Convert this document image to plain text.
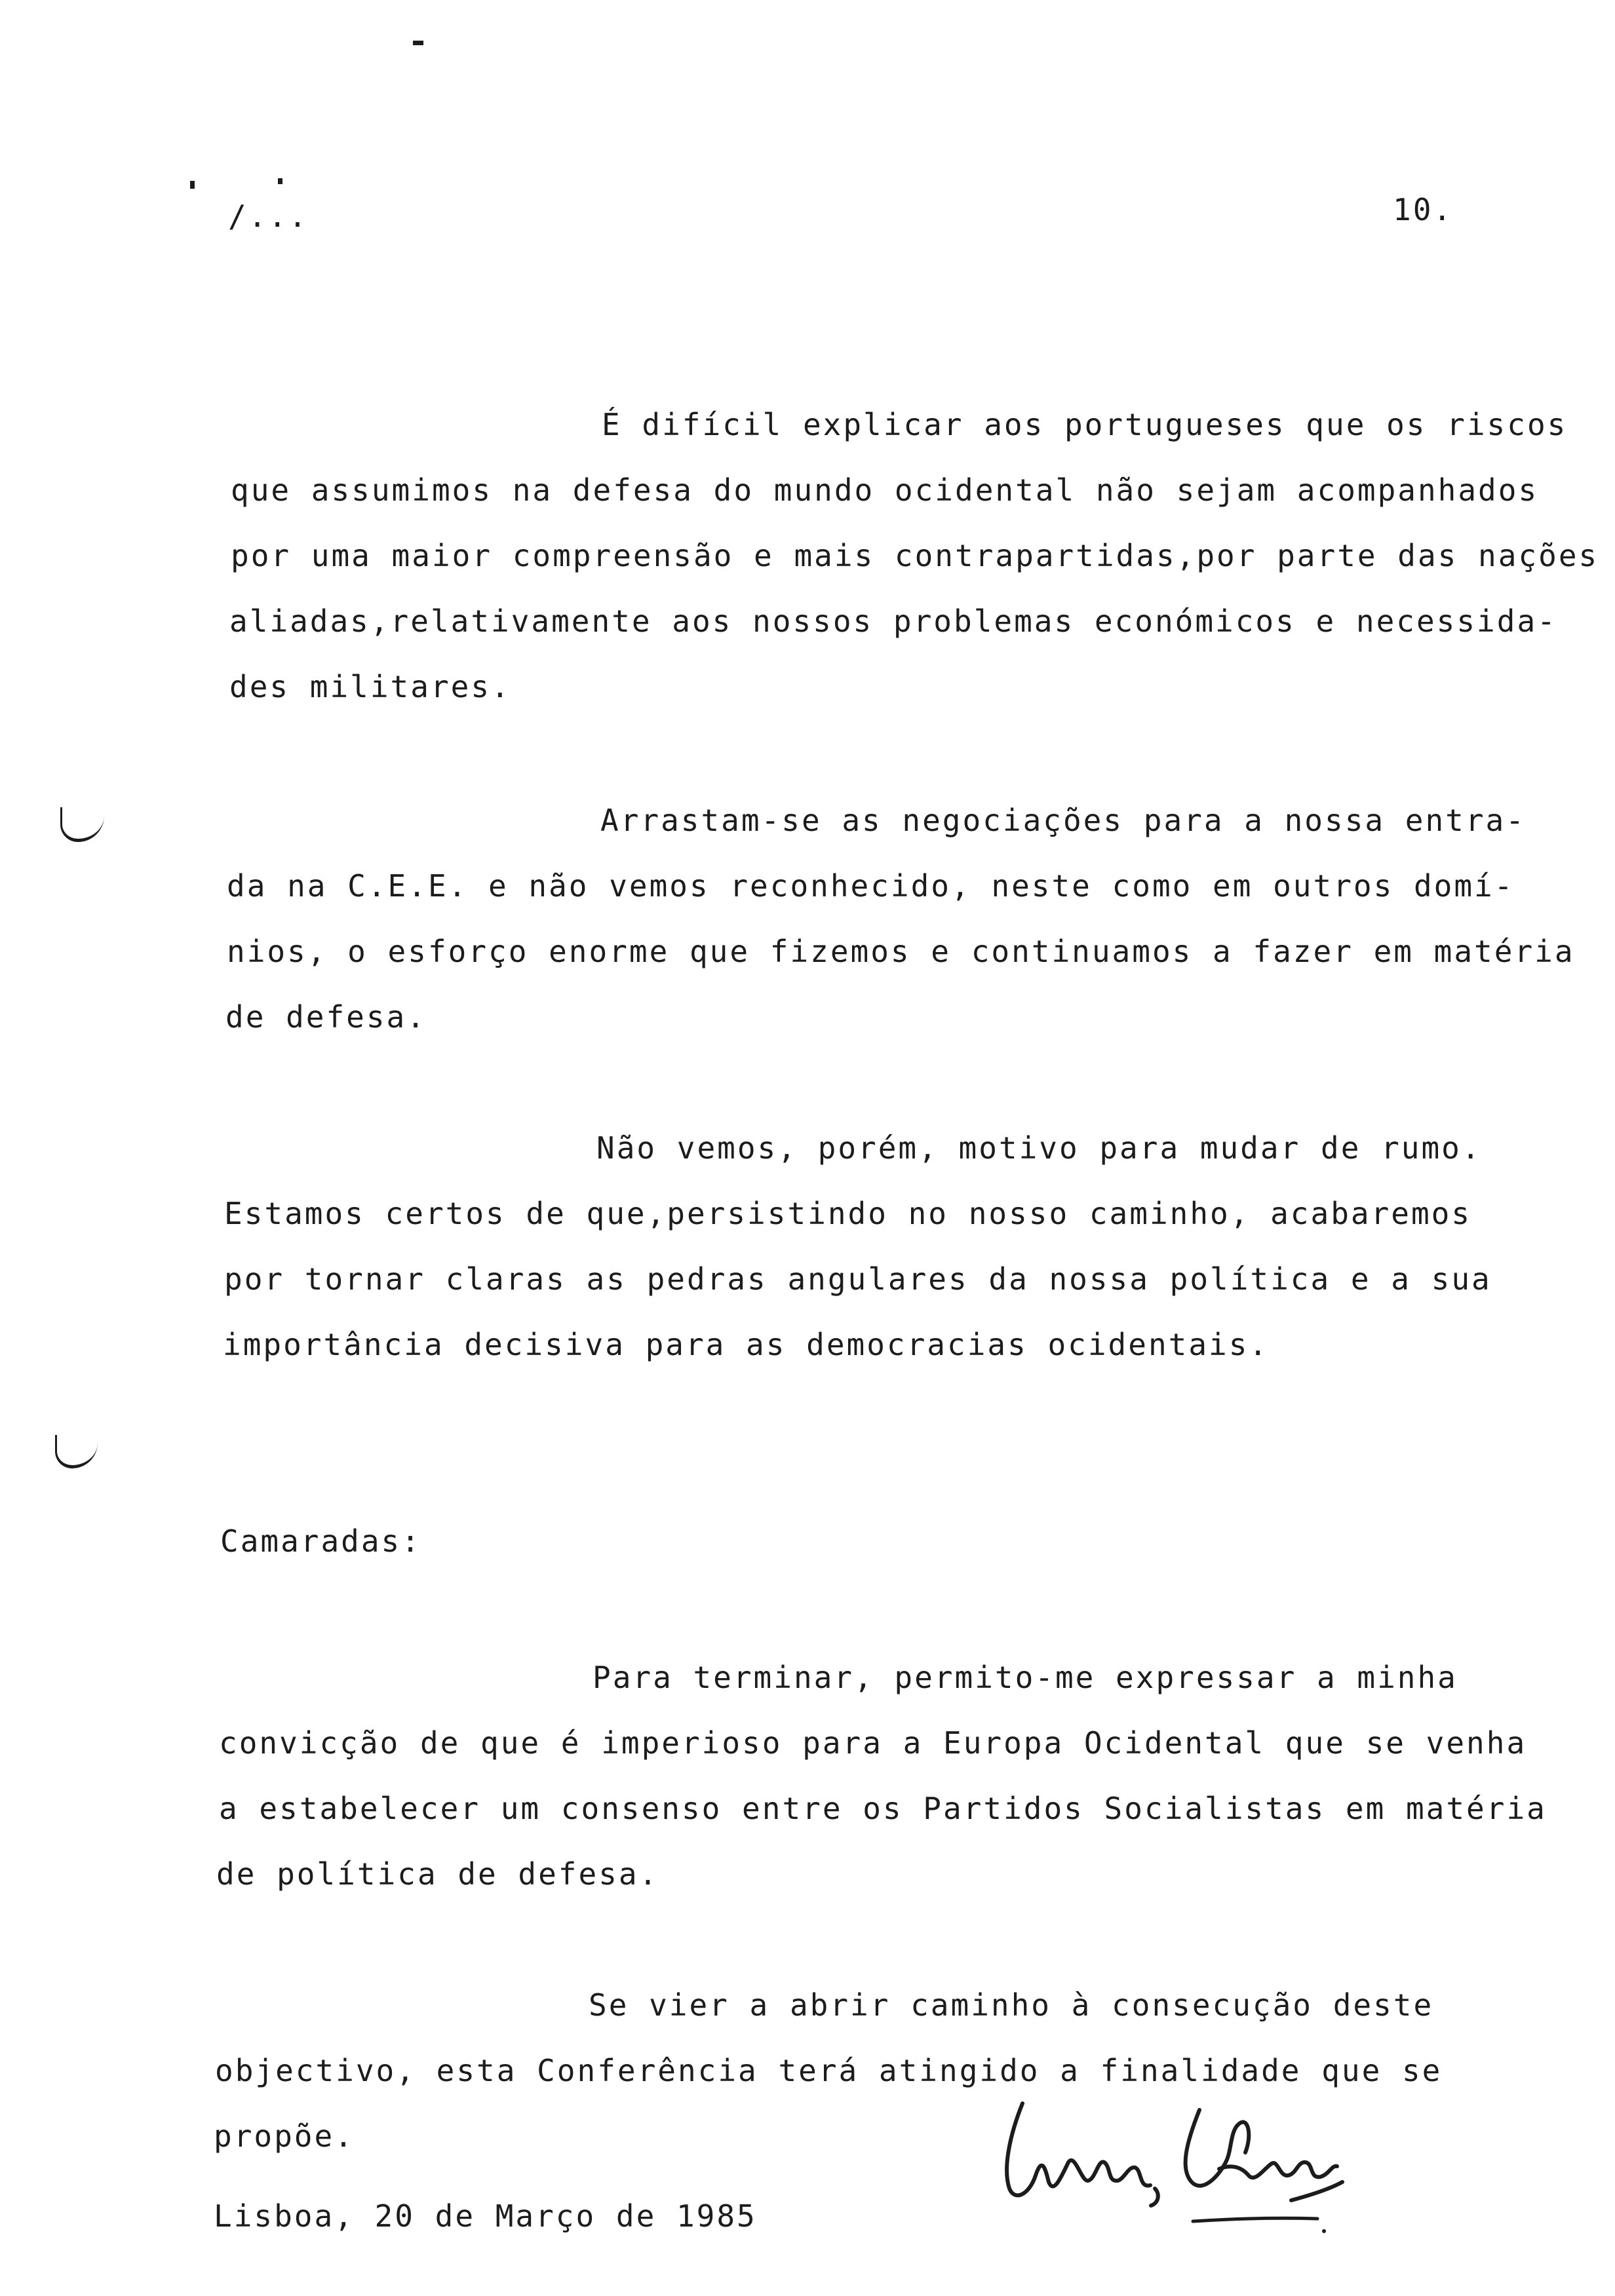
/...	10.
É difícil explicar aos portugueses que os riscos
que assumimos na defesa do mundo ocidental não sejam acompanhados
por uma maior compreensão e mais contrapartidas,por parte das nações
aliadas,relativamente aos nossos problemas económicos e necessida-
des militares.
Arrastam-se as negociações para a nossa entra-
da na C.E.E. e não vemos reconhecido, neste como em outros domí-
nios, o esforço enorme que fizemos e continuamos a fazer em matéria
de defesa.
Não vemos, porém, motivo para mudar de rumo.
Estamos certos de que,persistindo no nosso caminho, acabaremos
por tornar claras as pedras angulares da nossa política e a sua
importância decisiva para as democracias ocidentais.
Camaradas:
Para terminar, permito-me expressar a minha
convicção de que é imperioso para a Europa Ocidental que se venha
a estabelecer um consenso entre os Partidos Socialistas em matéria
de política de defesa.
Se vier a abrir caminho à consecução deste
objectivo, esta Conferência terá atingido a finalidade que se
propõe.
Lisboa, 20 de Março de 1985
